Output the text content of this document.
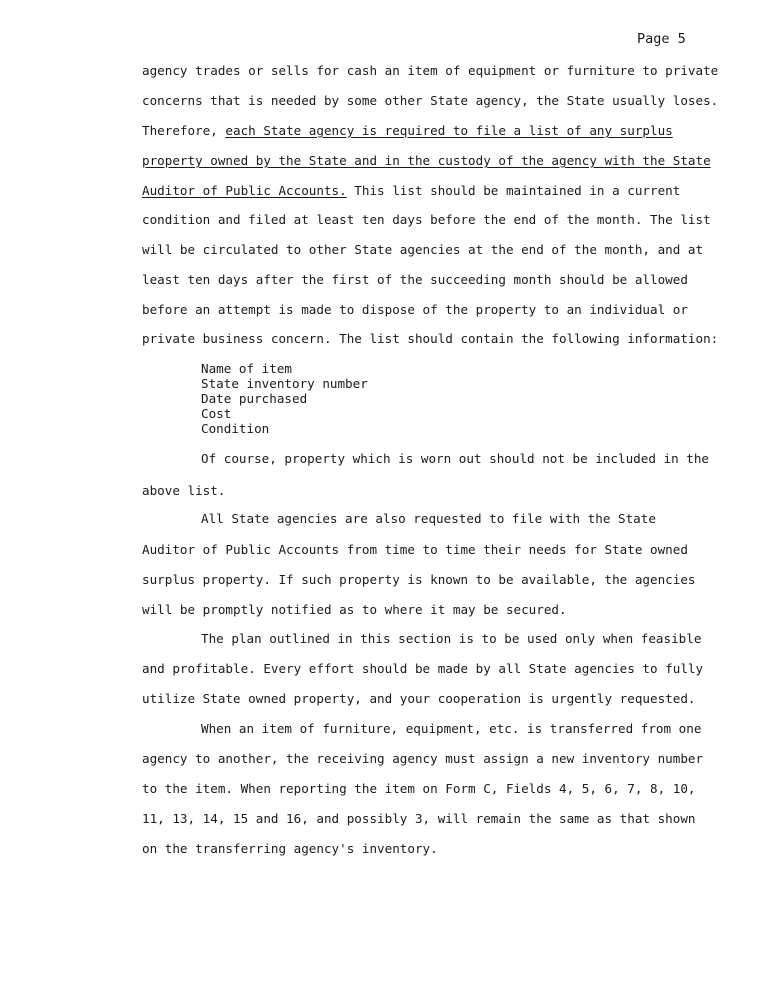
Page 5
agency trades or sells for cash an item of equipment or furniture to private
concerns that is needed by some other State agency, the State usually loses.
Therefore, each State agency is required to file a list of any surplus
property owned by the State and in the custody of the agency with the State
Auditor of Public Accounts. This list should be maintained in a current
condition and filed at least ten days before the end of the month. The list
will be circulated to other State agencies at the end of the month, and at
least ten days after the first of the succeeding month should be allowed
before an attempt is made to dispose of the property to an individual or
private business concern. The list should contain the following information:
Name of item
State inventory number
Date purchased
Cost
Condition
Of course, property which is worn out should not be included in the
above list.
All State agencies are also requested to file with the State
Auditor of Public Accounts from time to time their needs for State owned
surplus property. If such property is known to be available, the agencies
will be promptly notified as to where it may be secured.
The plan outlined in this section is to be used only when feasible
and profitable. Every effort should be made by all State agencies to fully
utilize State owned property, and your cooperation is urgently requested.
When an item of furniture, equipment, etc. is transferred from one
agency to another, the receiving agency must assign a new inventory number
to the item. When reporting the item on Form C, Fields 4, 5, 6, 7, 8, 10,
11, 13, 14, 15 and 16, and possibly 3, will remain the same as that shown
on the transferring agency's inventory.
